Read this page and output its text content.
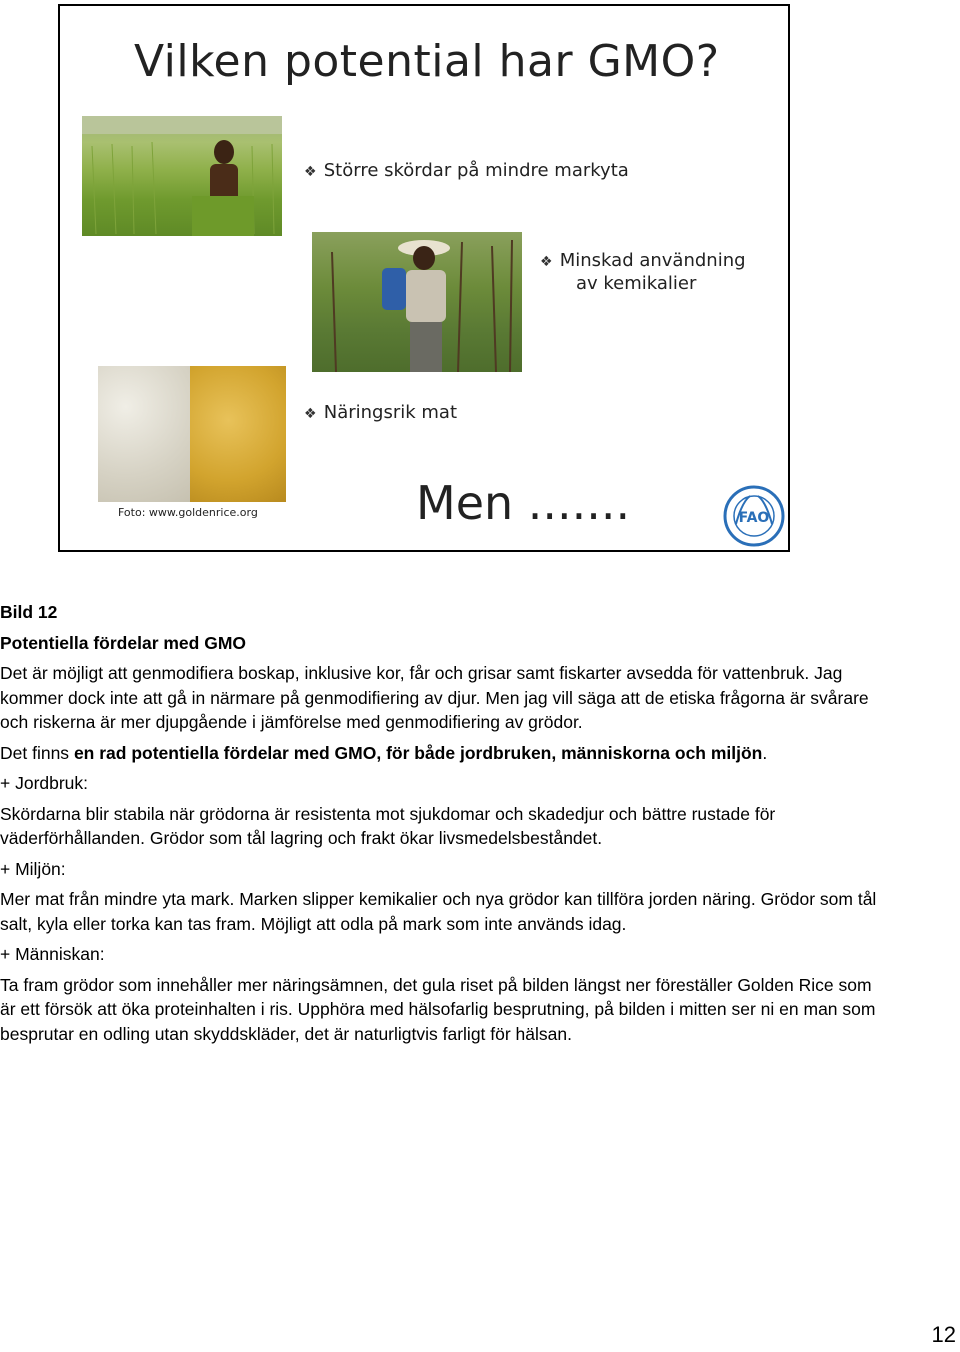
Vilken potential har GMO?
❖ Större skördar på mindre markyta
❖ Minskad användning
av kemikalier
❖ Näringsrik mat
Foto: www.goldenrice.org	Men .......	FAO

Bild 12

Potentiella fördelar med GMO

Det är möjligt att genmodifiera boskap, inklusive kor, får och grisar samt fiskarter avsedda för vattenbruk. Jag kommer dock inte att gå in närmare på genmodifiering av djur. Men jag vill säga att de etiska frågorna är svårare och riskerna är mer djupgående i jämförelse med genmodifiering av grödor.

Det finns en rad potentiella fördelar med GMO, för både jordbruken, människorna och miljön.

+ Jordbruk:

Skördarna blir stabila när grödorna är resistenta mot sjukdomar och skadedjur och bättre rustade för väderförhållanden. Grödor som tål lagring och frakt ökar livsmedelsbeståndet.

+ Miljön:

Mer mat från mindre yta mark. Marken slipper kemikalier och nya grödor kan tillföra jorden näring. Grödor som tål salt, kyla eller torka kan tas fram. Möjligt att odla på mark som inte används idag.

+ Människan:

Ta fram grödor som innehåller mer näringsämnen, det gula riset på bilden längst ner föreställer Golden Rice som är ett försök att öka proteinhalten i ris. Upphöra med hälsofarlig besprutning, på bilden i mitten ser ni en man som besprutar en odling utan skyddskläder, det är naturligtvis farligt för hälsan.

12
